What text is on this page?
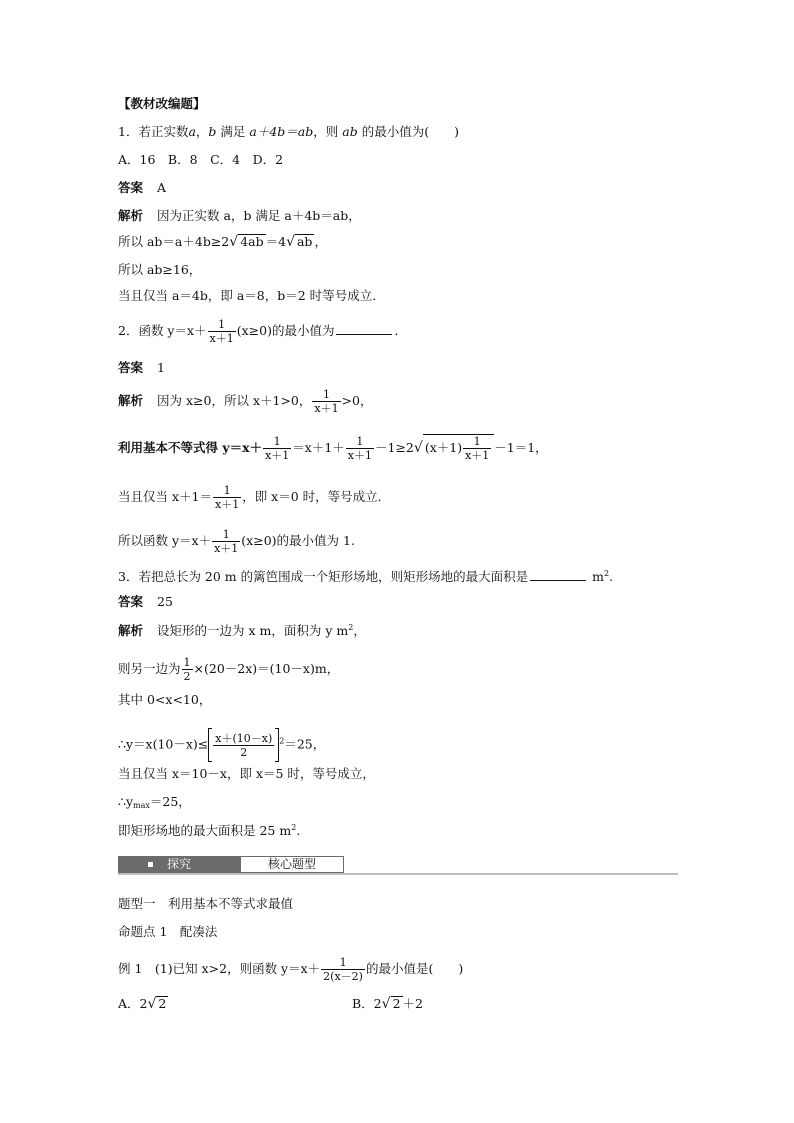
【教材改编题】
1．若正实数a，b 满足 a＋4b＝ab，则 ab 的最小值为(　　)
A．16　B．8　C．4　D．2
答案 A
解析 因为正实数 a，b 满足 a＋4b＝ab，
所以 ab＝a＋4b≥2√ 4ab ＝4√ ab ，
所以 ab≥16，
当且仅当 a＝4b，即 a＝8，b＝2 时等号成立．
2．函数 $y=x+ \frac{1}{x+1} (x\ge 0)$的最小值为	．
答案 1
解析 因为 x≥0，所以 x＋1>0， $\frac{1}{x+1} >0$，
利用基本不等式得 $y=x+ \frac{1}{x+1} =x+1+ \frac{1}{x+1} -1\ge 2√$ $(x+1) \frac{1}{x+1} -1=1$，
当且仅当 $x+1= \frac{1}{x+1}$ ，即 x＝0 时，等号成立．
所以函数 $y=x+ \frac{1}{x+1} (x\ge 0)$的最小值为 1.
3．若把总长为 20 m 的篱笆围成一个矩形场地，则矩形场地的最大面积是	$m^2$.
答案 25
解析 设矩形的一边为 x m，面积为 y $m^2$，
则另一边为 $\frac{1}{2} \times(20-2x)=(10-x)m$，
其中 0<x<10，
∴y＝x(10－x)≤ $\frac{x+(10-x)}{2} ^2=25$，
当且仅当 x＝10－x，即 x＝5 时，等号成立，
$\therefore y_{max}=25$，
即矩形场地的最大面积是 25 $m^2$.
探究	核心题型
题型一　利用基本不等式求最值
命题点 1　配凑法
例 1　(1)已知 x>2，则函数 $y=x+ \frac{1}{2(x-2)}$ 的最小值是(　　)
A．2√ 2	B．2√ 2 ＋2
